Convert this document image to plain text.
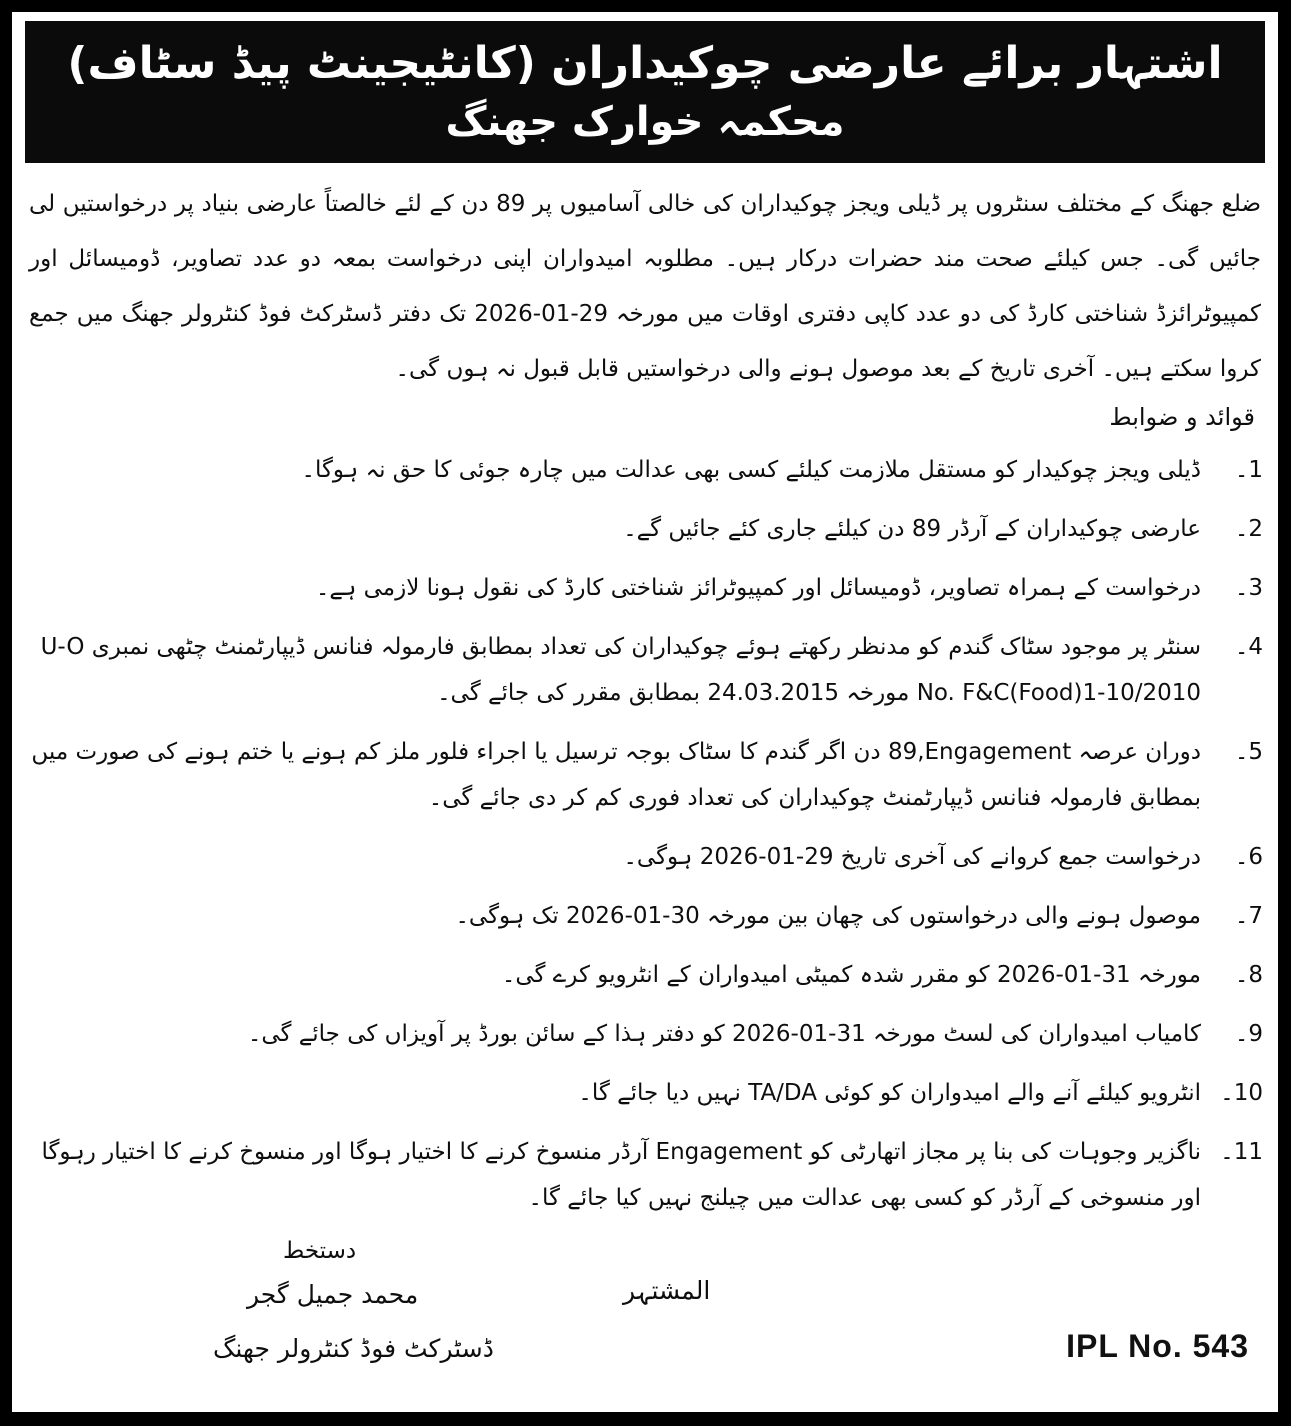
اشتہار برائے عارضی چوکیداران (کانٹیجینٹ پیڈ سٹاف)
محکمہ خوارک جھنگ

ضلع جھنگ کے مختلف سنٹروں پر ڈیلی ویجز چوکیداران کی خالی آسامیوں پر 89 دن کے لئے خالصتاً عارضی بنیاد پر درخواستیں لی جائیں گی۔ جس کیلئے صحت مند حضرات درکار ہیں۔ مطلوبہ امیدواران اپنی درخواست بمعہ دو عدد تصاویر، ڈومیسائل اور کمپیوٹرائزڈ شناختی کارڈ کی دو عدد کاپی دفتری اوقات میں مورخہ 29-01-2026 تک دفتر ڈسٹرکٹ فوڈ کنٹرولر جھنگ میں جمع کروا سکتے ہیں۔ آخری تاریخ کے بعد موصول ہونے والی درخواستیں قابل قبول نہ ہوں گی۔

قوائد و ضوابط
1۔
ڈیلی ویجز چوکیدار کو مستقل ملازمت کیلئے کسی بھی عدالت میں چارہ جوئی کا حق نہ ہوگا۔
2۔
عارضی چوکیداران کے آرڈر 89 دن کیلئے جاری کئے جائیں گے۔
3۔
درخواست کے ہمراہ تصاویر، ڈومیسائل اور کمپیوٹرائز شناختی کارڈ کی نقول ہونا لازمی ہے۔
4۔
سنٹر پر موجود سٹاک گندم کو مدنظر رکھتے ہوئے چوکیداران کی تعداد بمطابق فارمولہ فنانس ڈیپارٹمنٹ چٹھی نمبری ‎U-O No. F&C(Food)1-10/2010‎ مورخہ 24.03.2015 بمطابق مقرر کی جائے گی۔
5۔
دوران عرصہ ‎89,Engagement‎ دن اگر گندم کا سٹاک بوجہ ترسیل یا اجراء فلور ملز کم ہونے یا ختم ہونے کی صورت میں بمطابق فارمولہ فنانس ڈیپارٹمنٹ چوکیداران کی تعداد فوری کم کر دی جائے گی۔
6۔
درخواست جمع کروانے کی آخری تاریخ 29-01-2026 ہوگی۔
7۔
موصول ہونے والی درخواستوں کی چھان بین مورخہ 30-01-2026 تک ہوگی۔
8۔
مورخہ 31-01-2026 کو مقرر شدہ کمیٹی امیدواران کے انٹرویو کرے گی۔
9۔
کامیاب امیدواران کی لسٹ مورخہ 31-01-2026 کو دفتر ہذا کے سائن بورڈ پر آویزاں کی جائے گی۔
10۔
انٹرویو کیلئے آنے والے امیدواران کو کوئی TA/DA نہیں دیا جائے گا۔
11۔
ناگزیر وجوہات کی بنا پر مجاز اتھارٹی کو Engagement آرڈر منسوخ کرنے کا اختیار ہوگا اور منسوخ کرنے کا اختیار رہوگا اور منسوخی کے آرڈر کو کسی بھی عدالت میں چیلنج نہیں کیا جائے گا۔
دستخط
محمد جمیل گجر	المشتہر
ڈسٹرکٹ فوڈ کنٹرولر جھنگ	IPL No. 543
